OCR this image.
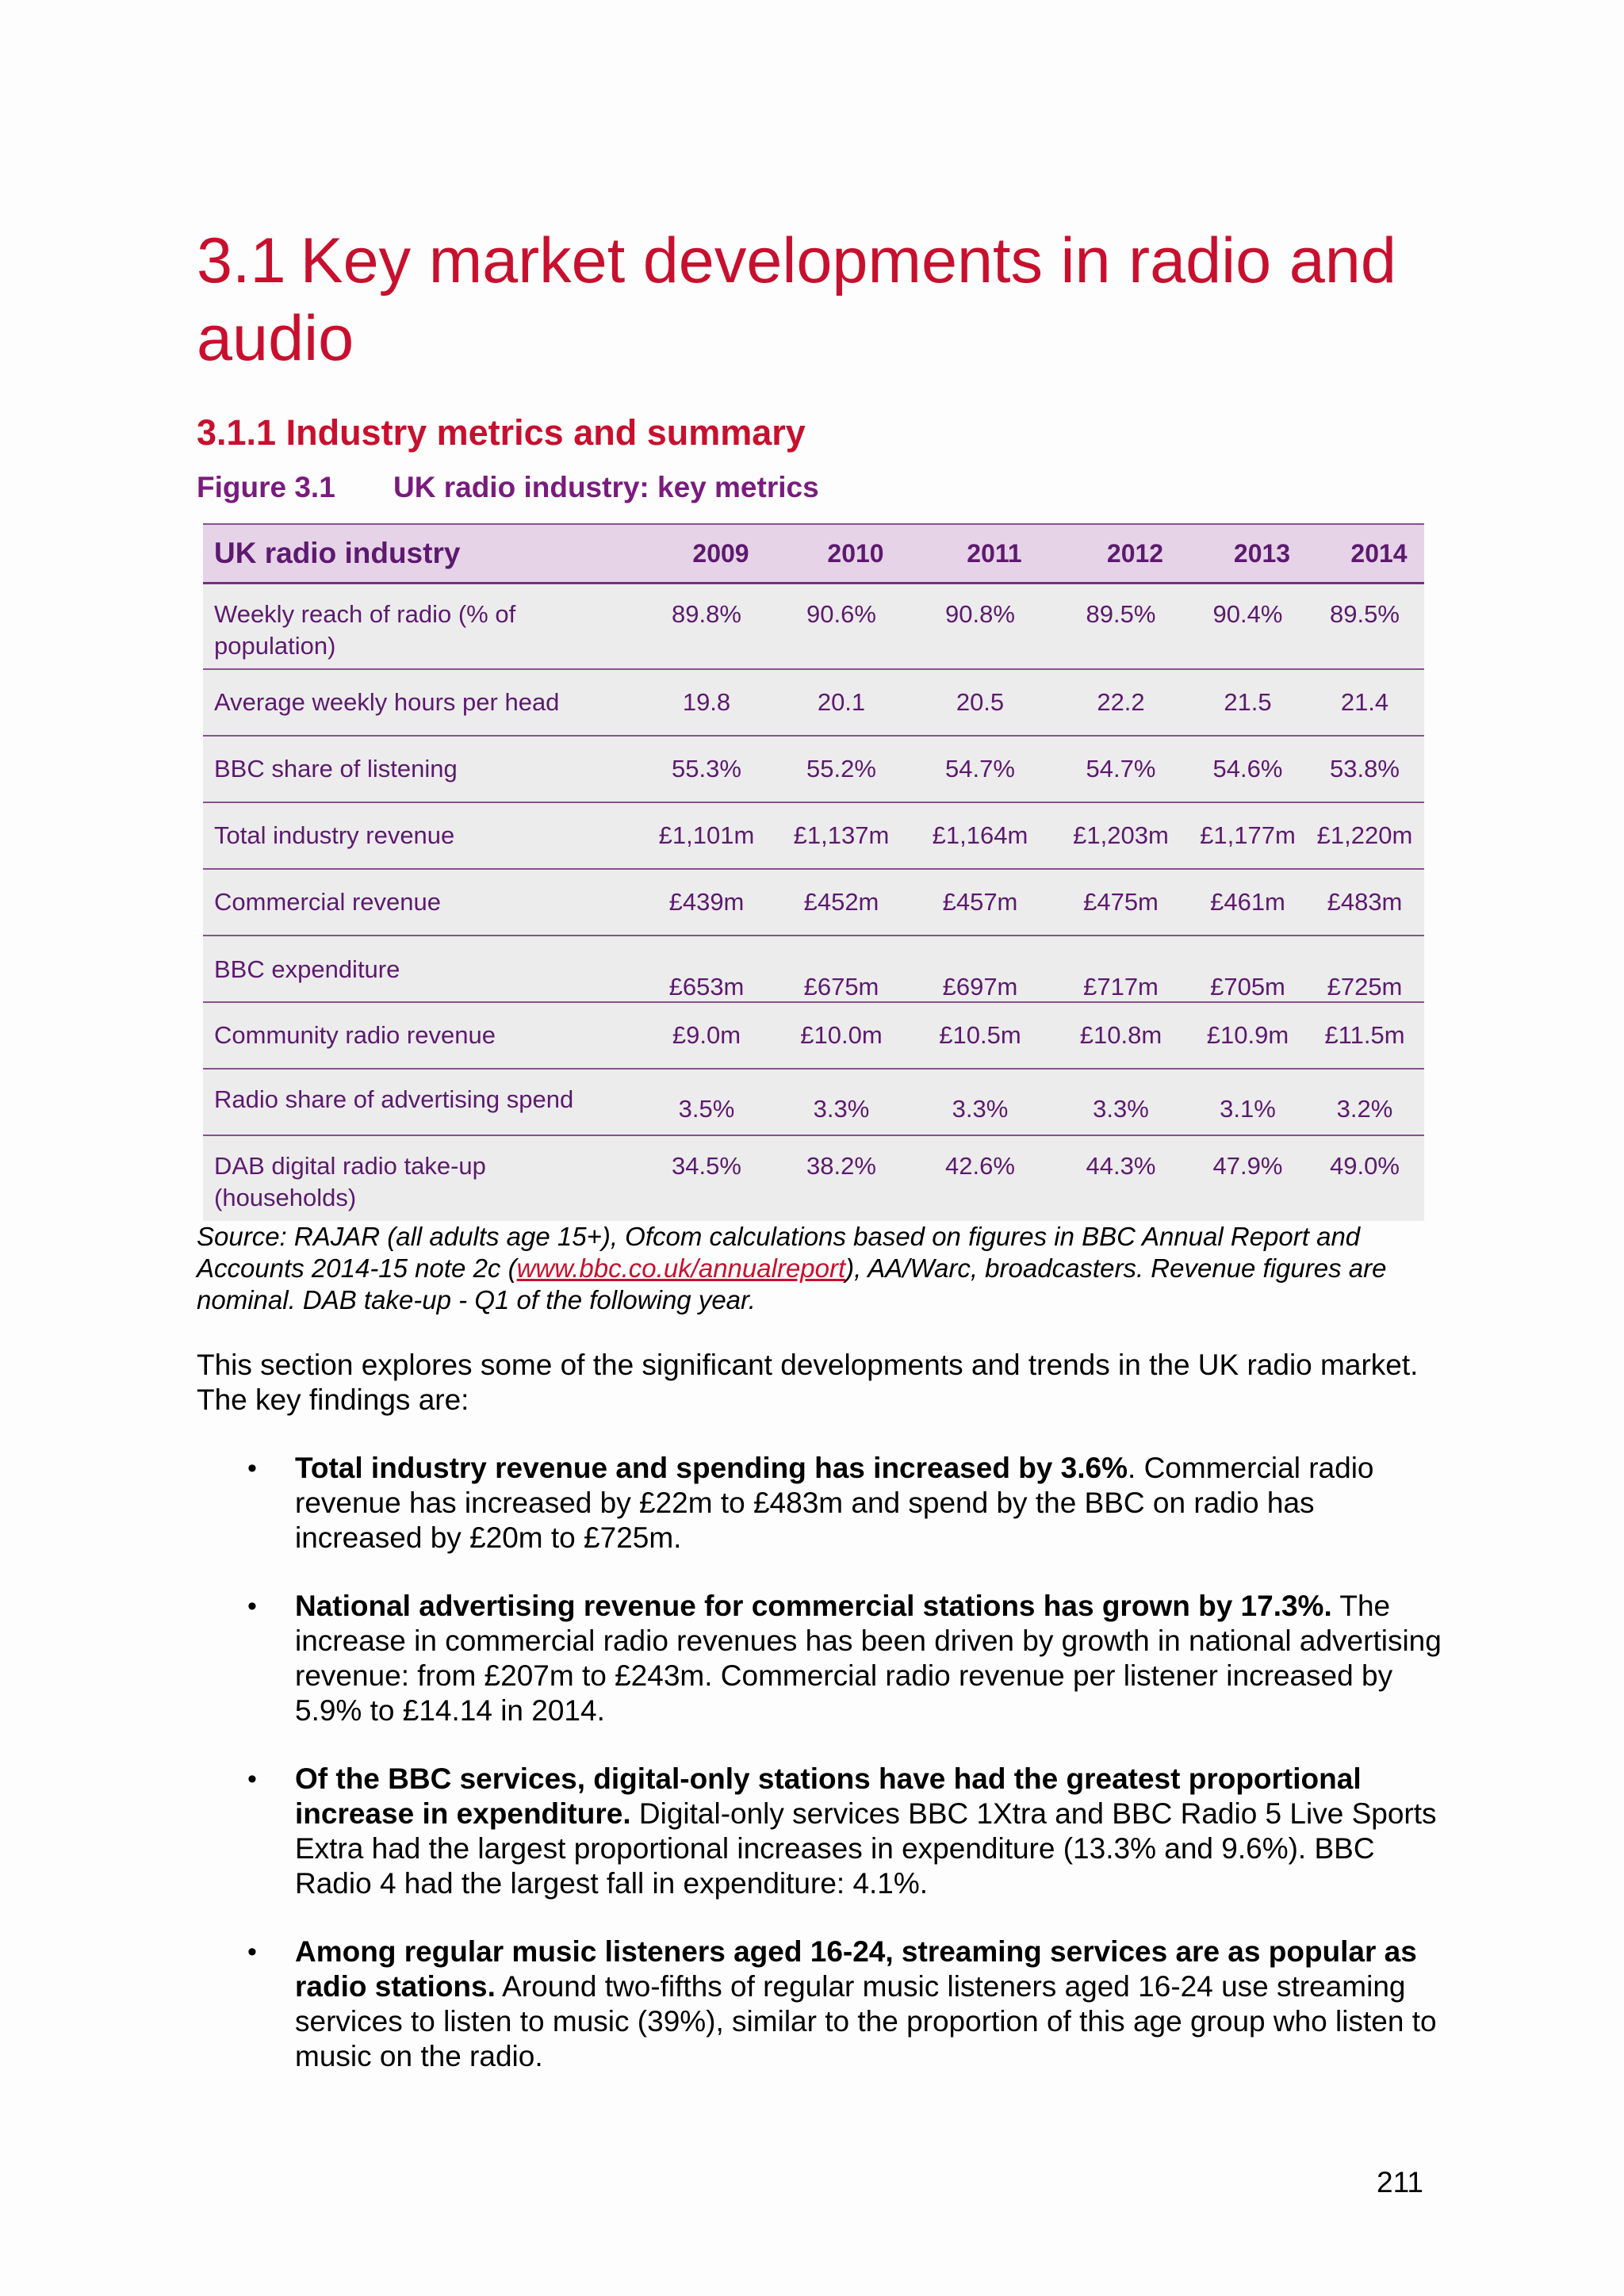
3.1 Key market developments in radio and audio
3.1.1 Industry metrics and summary
Figure 3.1 UK radio industry: key metrics
UK radio industry	2009	2010	2011	2012	2013	2014
Weekly reach of radio (% of population)	89.8%	90.6%	90.8%	89.5%	90.4%	89.5%
Average weekly hours per head	19.8	20.1	20.5	22.2	21.5	21.4
BBC share of listening	55.3%	55.2%	54.7%	54.7%	54.6%	53.8%
Total industry revenue	£1,101m	£1,137m	£1,164m	£1,203m	£1,177m	£1,220m
Commercial revenue	£439m	£452m	£457m	£475m	£461m	£483m
BBC expenditure	£653m	£675m	£697m	£717m	£705m	£725m
Community radio revenue	£9.0m	£10.0m	£10.5m	£10.8m	£10.9m	£11.5m
Radio share of advertising spend	3.5%	3.3%	3.3%	3.3%	3.1%	3.2%
DAB digital radio take-up (households)	34.5%	38.2%	42.6%	44.3%	47.9%	49.0%

Source: RAJAR (all adults age 15+), Ofcom calculations based on figures in BBC Annual Report and Accounts 2014-15 note 2c (www.bbc.co.uk/annualreport), AA/Warc, broadcasters. Revenue figures are nominal. DAB take-up - Q1 of the following year.

This section explores some of the significant developments and trends in the UK radio market. The key findings are:

• Total industry revenue and spending has increased by 3.6%. Commercial radio revenue has increased by £22m to £483m and spend by the BBC on radio has increased by £20m to £725m.
• National advertising revenue for commercial stations has grown by 17.3%. The increase in commercial radio revenues has been driven by growth in national advertising revenue: from £207m to £243m. Commercial radio revenue per listener increased by 5.9% to £14.14 in 2014.
• Of the BBC services, digital-only stations have had the greatest proportional increase in expenditure. Digital-only services BBC 1Xtra and BBC Radio 5 Live Sports Extra had the largest proportional increases in expenditure (13.3% and 9.6%). BBC Radio 4 had the largest fall in expenditure: 4.1%.
• Among regular music listeners aged 16-24, streaming services are as popular as radio stations. Around two-fifths of regular music listeners aged 16-24 use streaming services to listen to music (39%), similar to the proportion of this age group who listen to music on the radio.
211
